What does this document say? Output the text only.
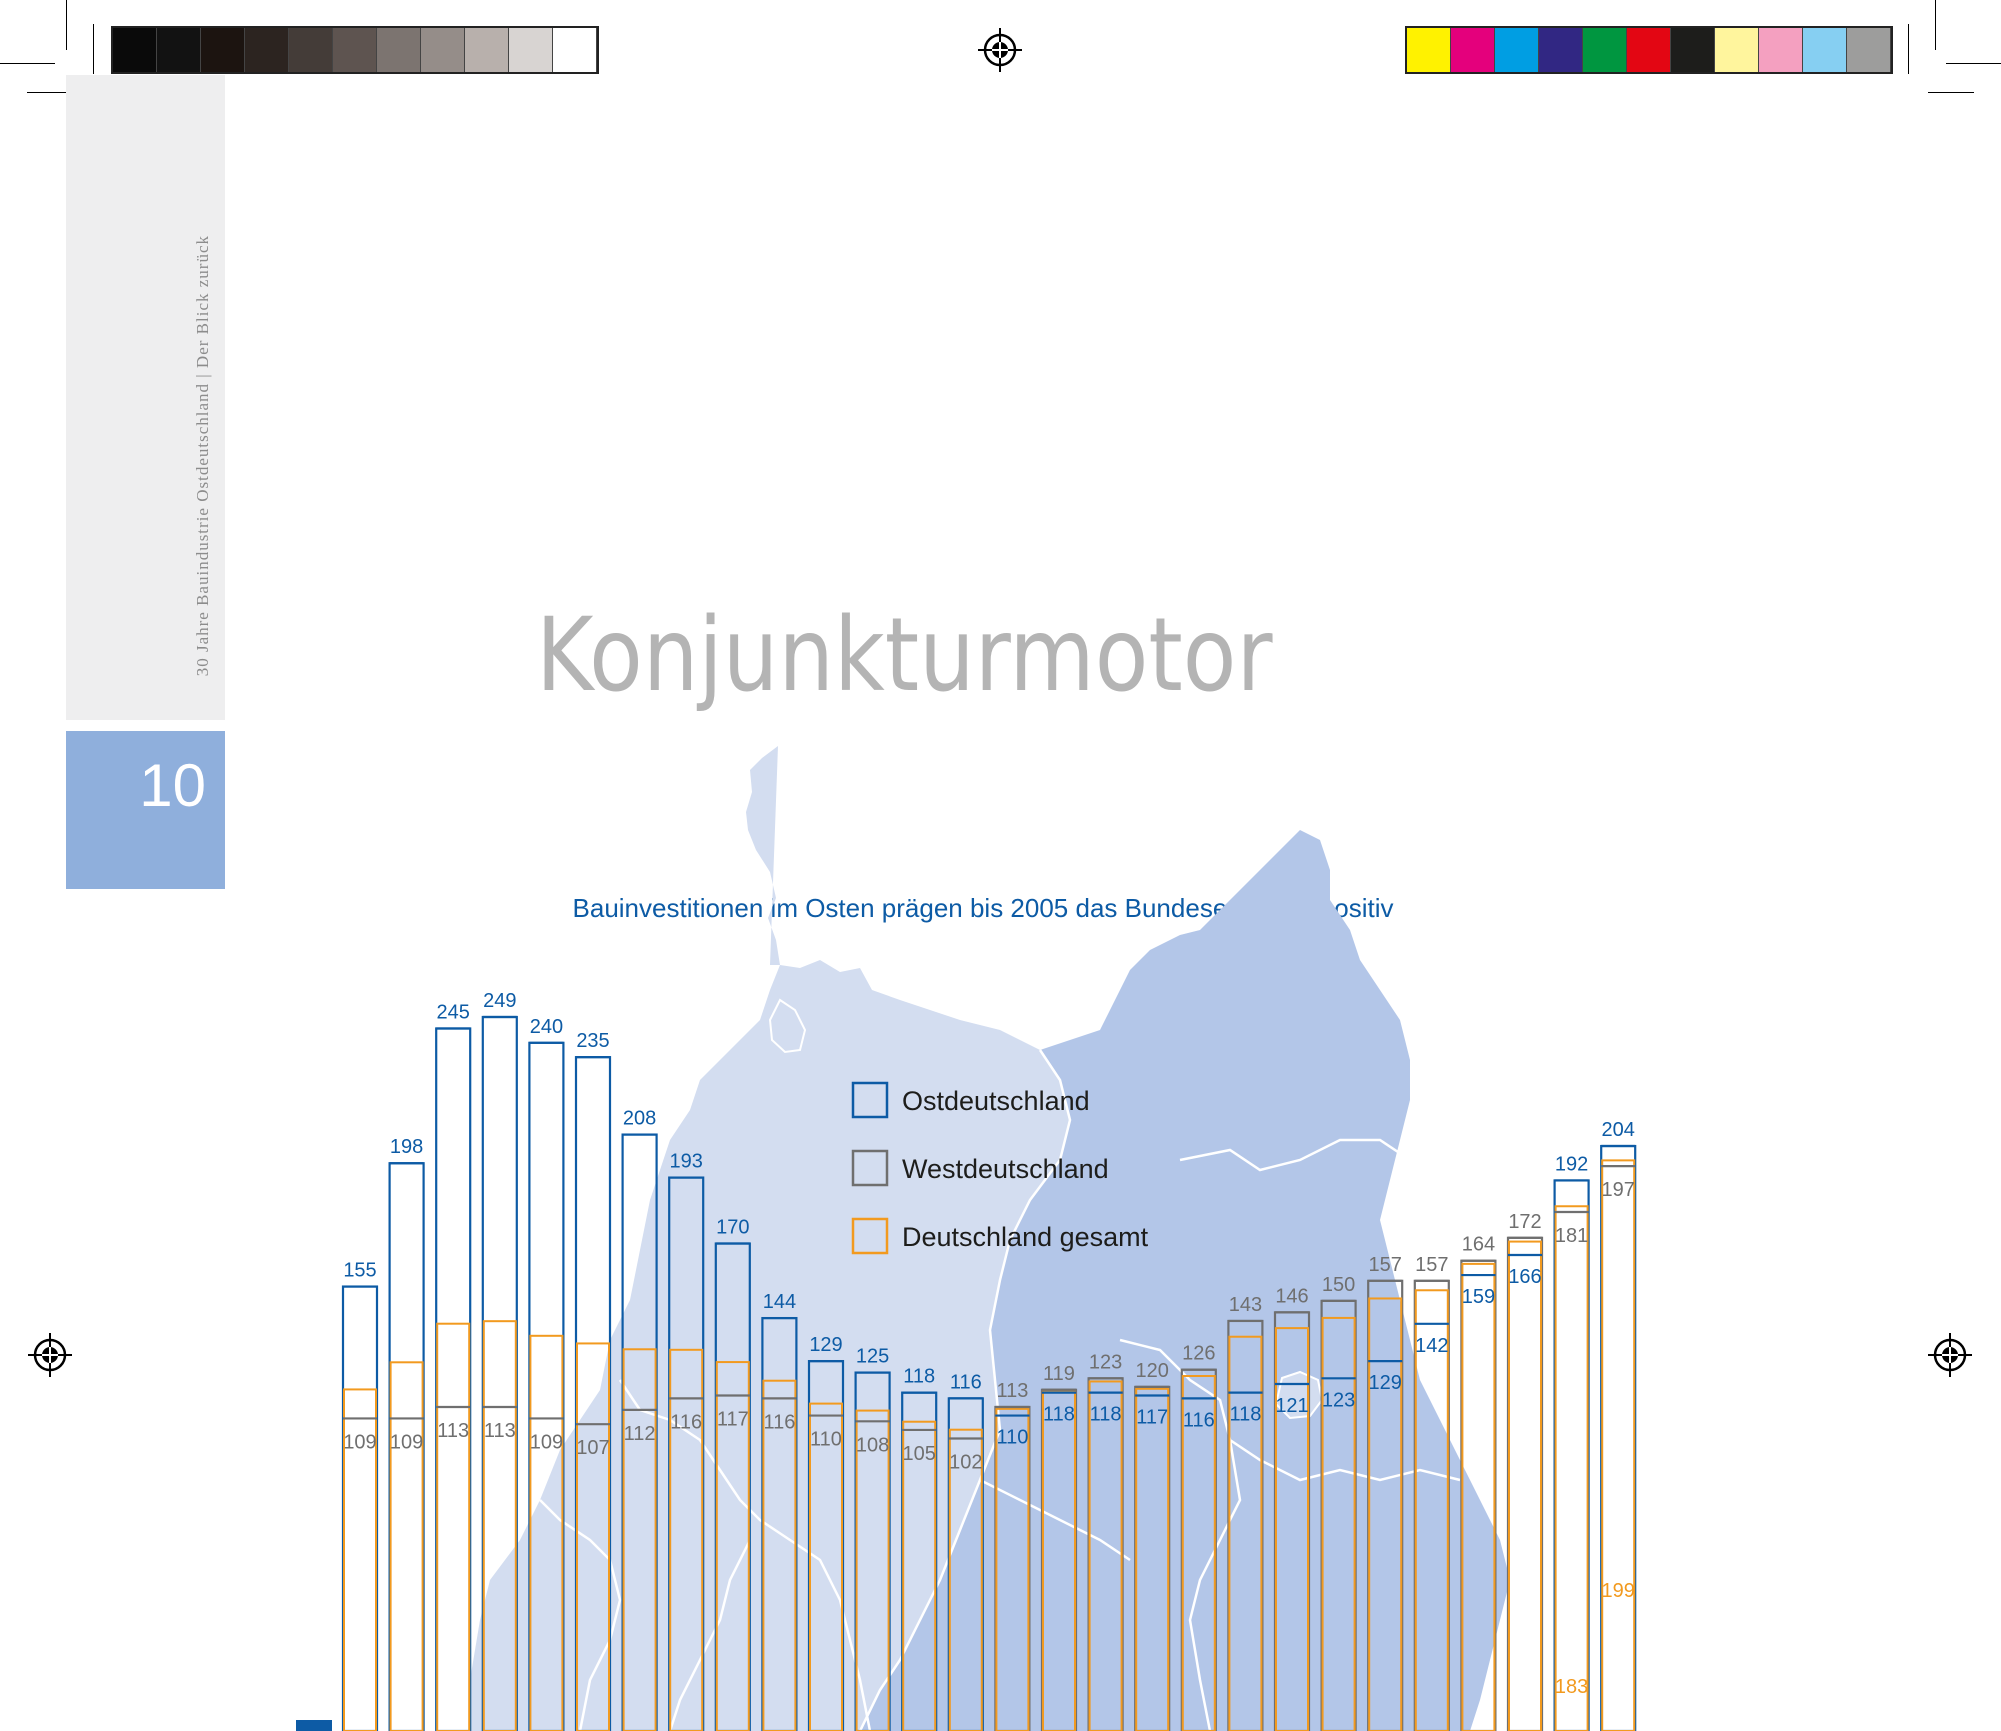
30 Jahre Bauindustrie Ostdeutschland | Der Blick zurück
10
Konjunkturmotor
Bauinvestitionen im Osten prägen bis 2005 das Bundesergebnis positiv
Ostdeutschland
Westdeutschland
Deutschland gesamt
155
109
198
109
245
113
249
113
240
109
235
107
208
112
193
116
170
117
144
116
129
110
125
108
118
105
116
102
113
110
119
118
123
118
120
117
126
116
143
118
146
121
150
123
157
129
157
142
164
159
172
166
192
181
183
204
197
199
